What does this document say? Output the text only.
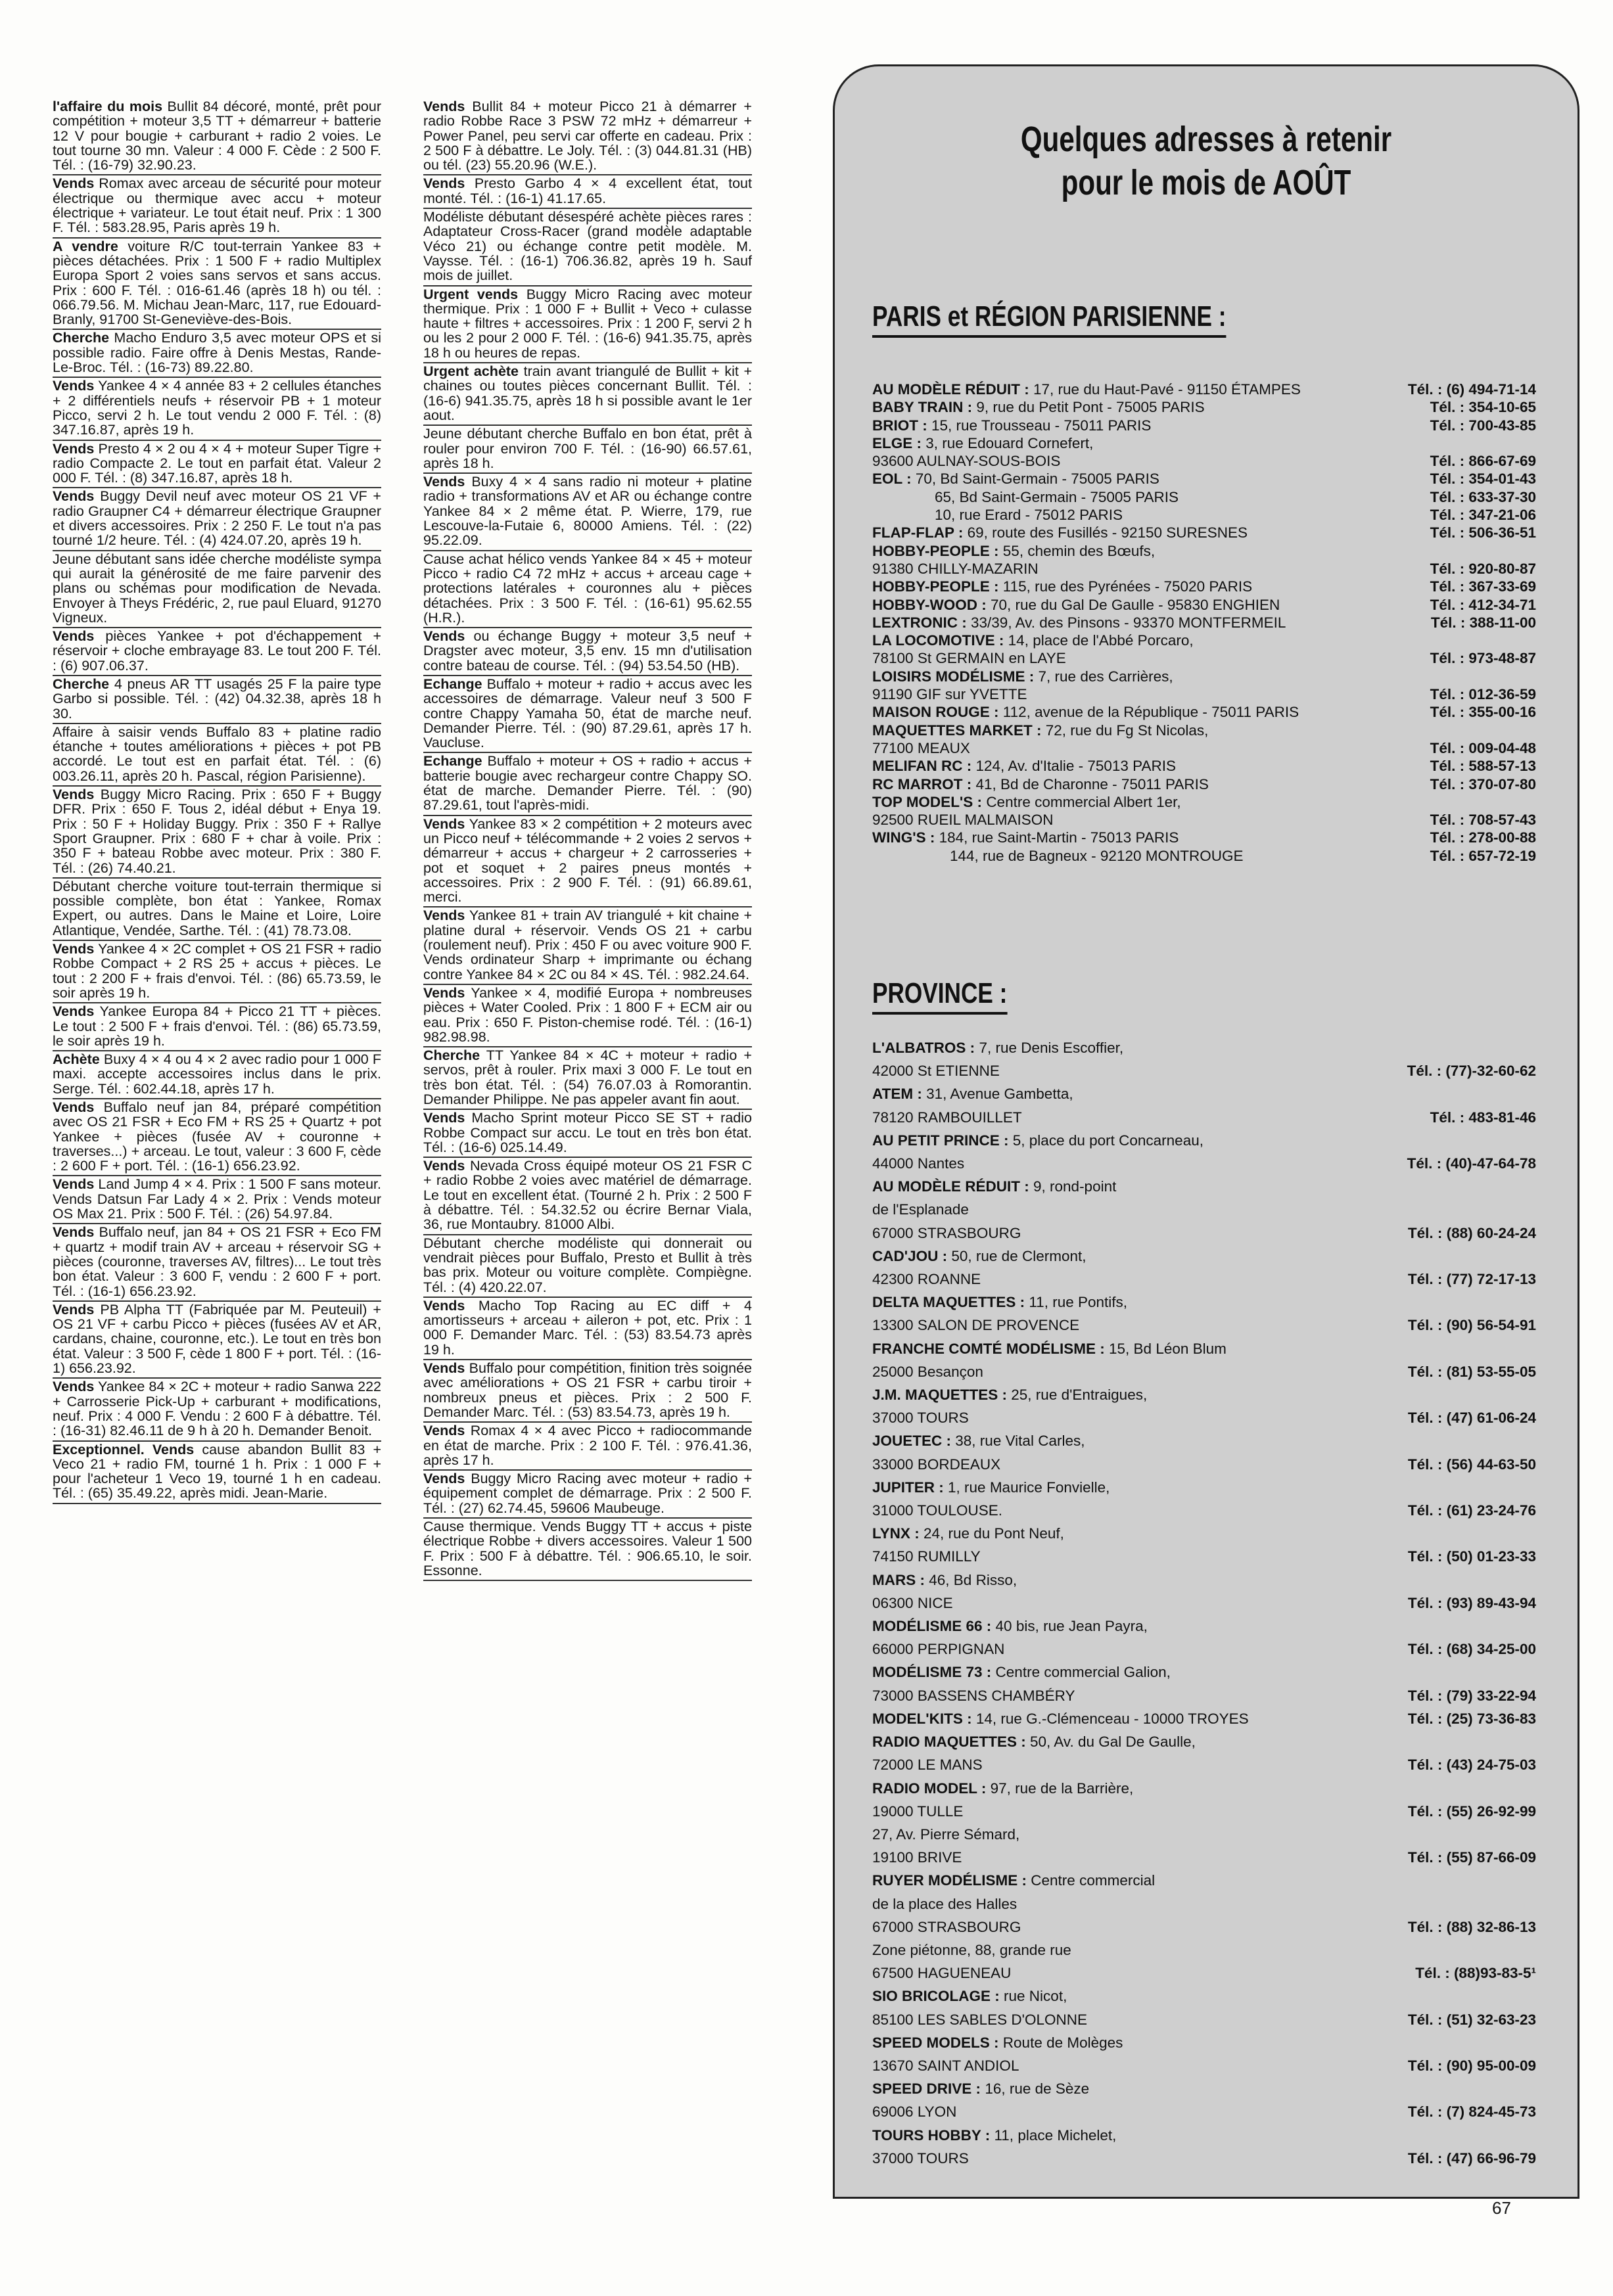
l'affaire du mois Bullit 84 décoré, monté, prêt pour compétition + moteur 3,5 TT + démarreur + batterie 12 V pour bougie + carburant + radio 2 voies. Le tout tourne 30 mn. Valeur : 4 000 F. Cède : 2 500 F. Tél. : (16-79) 32.90.23.
Vends Romax avec arceau de sécurité pour moteur électrique ou thermique avec accu + moteur électrique + variateur. Le tout était neuf. Prix : 1 300 F. Tél. : 583.28.95, Paris après 19 h.
A vendre voiture R/C tout-terrain Yankee 83 + pièces détachées. Prix : 1 500 F + radio Multiplex Europa Sport 2 voies sans servos et sans accus. Prix : 600 F. Tél. : 016-61.46 (après 18 h) ou tél. : 066.79.56. M. Michau Jean-Marc, 117, rue Edouard-Branly, 91700 St-Geneviève-des-Bois.
Cherche Macho Enduro 3,5 avec moteur OPS et si possible radio. Faire offre à Denis Mestas, Rande-Le-Broc. Tél. : (16-73) 89.22.80.
Vends Yankee 4 × 4 année 83 + 2 cellules étanches + 2 différentiels neufs + réservoir PB + 1 moteur Picco, servi 2 h. Le tout vendu 2 000 F. Tél. : (8) 347.16.87, après 19 h.
Vends Presto 4 × 2 ou 4 × 4 + moteur Super Tigre + radio Compacte 2. Le tout en parfait état. Valeur 2 000 F. Tél. : (8) 347.16.87, après 18 h.
Vends Buggy Devil neuf avec moteur OS 21 VF + radio Graupner C4 + démarreur électrique Graupner et divers accessoires. Prix : 2 250 F. Le tout n'a pas tourné 1/2 heure. Tél. : (4) 424.07.20, après 19 h.
Jeune débutant sans idée cherche modéliste sympa qui aurait la générosité de me faire parvenir des plans ou schémas pour modification de Nevada. Envoyer à Theys Frédéric, 2, rue paul Eluard, 91270 Vigneux.
Vends pièces Yankee + pot d'échappement + réservoir + cloche embrayage 83. Le tout 200 F. Tél. : (6) 907.06.37.
Cherche 4 pneus AR TT usagés 25 F la paire type Garbo si possible. Tél. : (42) 04.32.38, après 18 h 30.
Affaire à saisir vends Buffalo 83 + platine radio étanche + toutes améliorations + pièces + pot PB accordé. Le tout est en parfait état. Tél. : (6) 003.26.11, après 20 h. Pascal, région Parisienne).
Vends Buggy Micro Racing. Prix : 650 F + Buggy DFR. Prix : 650 F. Tous 2, idéal début + Enya 19. Prix : 50 F + Holiday Buggy. Prix : 350 F + Rallye Sport Graupner. Prix : 680 F + char à voile. Prix : 350 F + bateau Robbe avec moteur. Prix : 380 F. Tél. : (26) 74.40.21.
Débutant cherche voiture tout-terrain thermique si possible complète, bon état : Yankee, Romax Expert, ou autres. Dans le Maine et Loire, Loire Atlantique, Vendée, Sarthe. Tél. : (41) 78.73.08.
Vends Yankee 4 × 2C complet + OS 21 FSR + radio Robbe Compact + 2 RS 25 + accus + pièces. Le tout : 2 200 F + frais d'envoi. Tél. : (86) 65.73.59, le soir après 19 h.
Vends Yankee Europa 84 + Picco 21 TT + pièces. Le tout : 2 500 F + frais d'envoi. Tél. : (86) 65.73.59, le soir après 19 h.
Achète Buxy 4 × 4 ou 4 × 2 avec radio pour 1 000 F maxi. accepte accessoires inclus dans le prix. Serge. Tél. : 602.44.18, après 17 h.
Vends Buffalo neuf jan 84, préparé compétition avec OS 21 FSR + Eco FM + RS 25 + Quartz + pot Yankee + pièces (fusée AV + couronne + traverses...) + arceau. Le tout, valeur : 3 600 F, cède : 2 600 F + port. Tél. : (16-1) 656.23.92.
Vends Land Jump 4 × 4. Prix : 1 500 F sans moteur. Vends Datsun Far Lady 4 × 2. Prix : Vends moteur OS Max 21. Prix : 500 F. Tél. : (26) 54.97.84.
Vends Buffalo neuf, jan 84 + OS 21 FSR + Eco FM + quartz + modif train AV + arceau + réservoir SG + pièces (couronne, traverses AV, filtres)... Le tout très bon état. Valeur : 3 600 F, vendu : 2 600 F + port. Tél. : (16-1) 656.23.92.
Vends PB Alpha TT (Fabriquée par M. Peuteuil) + OS 21 VF + carbu Picco + pièces (fusées AV et AR, cardans, chaine, couronne, etc.). Le tout en très bon état. Valeur : 3 500 F, cède 1 800 F + port. Tél. : (16-1) 656.23.92.
Vends Yankee 84 × 2C + moteur + radio Sanwa 222 + Carrosserie Pick-Up + carburant + modifications, neuf. Prix : 4 000 F. Vendu : 2 600 F à débattre. Tél. : (16-31) 82.46.11 de 9 h à 20 h. Demander Benoit.
Exceptionnel. Vends cause abandon Bullit 83 + Veco 21 + radio FM, tourné 1 h. Prix : 1 000 F + pour l'acheteur 1 Veco 19, tourné 1 h en cadeau. Tél. : (65) 35.49.22, après midi. Jean-Marie.
Vends Bullit 84 + moteur Picco 21 à démarrer + radio Robbe Race 3 PSW 72 mHz + démarreur + Power Panel, peu servi car offerte en cadeau. Prix : 2 500 F à débattre. Le Joly. Tél. : (3) 044.81.31 (HB) ou tél. (23) 55.20.96 (W.E.).
Vends Presto Garbo 4 × 4 excellent état, tout monté. Tél. : (16-1) 41.17.65.
Modéliste débutant désespéré achète pièces rares : Adaptateur Cross-Racer (grand modèle adaptable Véco 21) ou échange contre petit modèle. M. Vaysse. Tél. : (16-1) 706.36.82, après 19 h. Sauf mois de juillet.
Urgent vends Buggy Micro Racing avec moteur thermique. Prix : 1 000 F + Bullit + Veco + culasse haute + filtres + accessoires. Prix : 1 200 F, servi 2 h ou les 2 pour 2 000 F. Tél. : (16-6) 941.35.75, après 18 h ou heures de repas.
Urgent achète train avant triangulé de Bullit + kit + chaines ou toutes pièces concernant Bullit. Tél. : (16-6) 941.35.75, après 18 h si possible avant le 1er aout.
Jeune débutant cherche Buffalo en bon état, prêt à rouler pour environ 700 F. Tél. : (16-90) 66.57.61, après 18 h.
Vends Buxy 4 × 4 sans radio ni moteur + platine radio + transformations AV et AR ou échange contre Yankee 84 × 2 même état. P. Wierre, 179, rue Lescouve-la-Futaie 6, 80000 Amiens. Tél. : (22) 95.22.09.
Cause achat hélico vends Yankee 84 × 45 + moteur Picco + radio C4 72 mHz + accus + arceau cage + protections latérales + couronnes alu + pièces détachées. Prix : 3 500 F. Tél. : (16-61) 95.62.55 (H.R.).
Vends ou échange Buggy + moteur 3,5 neuf + Dragster avec moteur, 3,5 env. 15 mn d'utilisation contre bateau de course. Tél. : (94) 53.54.50 (HB).
Echange Buffalo + moteur + radio + accus avec les accessoires de démarrage. Valeur neuf 3 500 F contre Chappy Yamaha 50, état de marche neuf. Demander Pierre. Tél. : (90) 87.29.61, après 17 h. Vaucluse.
Echange Buffalo + moteur + OS + radio + accus + batterie bougie avec rechargeur contre Chappy SO. état de marche. Demander Pierre. Tél. : (90) 87.29.61, tout l'après-midi.
Vends Yankee 83 × 2 compétition + 2 moteurs avec un Picco neuf + télécommande + 2 voies 2 servos + démarreur + accus + chargeur + 2 carrosseries + pot et soquet + 2 paires pneus montés + accessoires. Prix : 2 900 F. Tél. : (91) 66.89.61, merci.
Vends Yankee 81 + train AV triangulé + kit chaine + platine dural + réservoir. Vends OS 21 + carbu (roulement neuf). Prix : 450 F ou avec voiture 900 F. Vends ordinateur Sharp + imprimante ou échang contre Yankee 84 × 2C ou 84 × 4S. Tél. : 982.24.64.
Vends Yankee × 4, modifié Europa + nombreuses pièces + Water Cooled. Prix : 1 800 F + ECM air ou eau. Prix : 650 F. Piston-chemise rodé. Tél. : (16-1) 982.98.98.
Cherche TT Yankee 84 × 4C + moteur + radio + servos, prêt à rouler. Prix maxi 3 000 F. Le tout en très bon état. Tél. : (54) 76.07.03 à Romorantin. Demander Philippe. Ne pas appeler avant fin aout.
Vends Macho Sprint moteur Picco SE ST + radio Robbe Compact sur accu. Le tout en très bon état. Tél. : (16-6) 025.14.49.
Vends Nevada Cross équipé moteur OS 21 FSR C + radio Robbe 2 voies avec matériel de démarrage. Le tout en excellent état. (Tourné 2 h. Prix : 2 500 F à débattre. Tél. : 54.32.52 ou écrire Bernar Viala, 36, rue Montaubry. 81000 Albi.
Débutant cherche modéliste qui donnerait ou vendrait pièces pour Buffalo, Presto et Bullit à très bas prix. Moteur ou voiture complète. Compiègne. Tél. : (4) 420.22.07.
Vends Macho Top Racing au EC diff + 4 amortisseurs + arceau + aileron + pot, etc. Prix : 1 000 F. Demander Marc. Tél. : (53) 83.54.73 après 19 h.
Vends Buffalo pour compétition, finition très soignée avec améliorations + OS 21 FSR + carbu tiroir + nombreux pneus et pièces. Prix : 2 500 F. Demander Marc. Tél. : (53) 83.54.73, après 19 h.
Vends Romax 4 × 4 avec Picco + radiocommande en état de marche. Prix : 2 100 F. Tél. : 976.41.36, après 17 h.
Vends Buggy Micro Racing avec moteur + radio + équipement complet de démarrage. Prix : 2 500 F. Tél. : (27) 62.74.45, 59606 Maubeuge.
Cause thermique. Vends Buggy TT + accus + piste électrique Robbe + divers accessoires. Valeur 1 500 F. Prix : 500 F à débattre. Tél. : 906.65.10, le soir. Essonne.
Quelques adresses à retenir
pour le mois de AOÛT
PARIS et RÉGION PARISIENNE :
AU MODÈLE RÉDUIT : 17, rue du Haut-Pavé - 91150 ÉTAMPES	Tél. : (6) 494-71-14
BABY TRAIN : 9, rue du Petit Pont - 75005 PARIS	Tél. : 354-10-65
BRIOT : 15, rue Trousseau - 75011 PARIS	Tél. : 700-43-85
ELGE : 3, rue Edouard Cornefert,
93600 AULNAY-SOUS-BOIS	Tél. : 866-67-69
EOL : 70, Bd Saint-Germain - 75005 PARIS	Tél. : 354-01-43
65, Bd Saint-Germain - 75005 PARIS	Tél. : 633-37-30
10, rue Erard - 75012 PARIS	Tél. : 347-21-06
FLAP-FLAP : 69, route des Fusillés - 92150 SURESNES	Tél. : 506-36-51
HOBBY-PEOPLE : 55, chemin des Bœufs,
91380 CHILLY-MAZARIN	Tél. : 920-80-87
HOBBY-PEOPLE : 115, rue des Pyrénées - 75020 PARIS	Tél. : 367-33-69
HOBBY-WOOD : 70, rue du Gal De Gaulle - 95830 ENGHIEN	Tél. : 412-34-71
LEXTRONIC : 33/39, Av. des Pinsons - 93370 MONTFERMEIL	Tél. : 388-11-00
LA LOCOMOTIVE : 14, place de l'Abbé Porcaro,
78100 St GERMAIN en LAYE	Tél. : 973-48-87
LOISIRS MODÉLISME : 7, rue des Carrières,
91190 GIF sur YVETTE	Tél. : 012-36-59
MAISON ROUGE : 112, avenue de la République - 75011 PARIS	Tél. : 355-00-16
MAQUETTES MARKET : 72, rue du Fg St Nicolas,
77100 MEAUX	Tél. : 009-04-48
MELIFAN RC : 124, Av. d'Italie - 75013 PARIS	Tél. : 588-57-13
RC MARROT : 41, Bd de Charonne - 75011 PARIS	Tél. : 370-07-80
TOP MODEL'S : Centre commercial Albert 1er,
92500 RUEIL MALMAISON	Tél. : 708-57-43
WING'S : 184, rue Saint-Martin - 75013 PARIS	Tél. : 278-00-88
144, rue de Bagneux - 92120 MONTROUGE	Tél. : 657-72-19
PROVINCE :
L'ALBATROS : 7, rue Denis Escoffier,
42000 St ETIENNE	Tél. : (77)-32-60-62
ATEM : 31, Avenue Gambetta,
78120 RAMBOUILLET	Tél. : 483-81-46
AU PETIT PRINCE : 5, place du port Concarneau,
44000 Nantes	Tél. : (40)-47-64-78
AU MODÈLE RÉDUIT : 9, rond-point
de l'Esplanade
67000 STRASBOURG	Tél. : (88) 60-24-24
CAD'JOU : 50, rue de Clermont,
42300 ROANNE	Tél. : (77) 72-17-13
DELTA MAQUETTES : 11, rue Pontifs,
13300 SALON DE PROVENCE	Tél. : (90) 56-54-91
FRANCHE COMTÉ MODÉLISME : 15, Bd Léon Blum
25000 Besançon	Tél. : (81) 53-55-05
J.M. MAQUETTES : 25, rue d'Entraigues,
37000 TOURS	Tél. : (47) 61-06-24
JOUETEC : 38, rue Vital Carles,
33000 BORDEAUX	Tél. : (56) 44-63-50
JUPITER : 1, rue Maurice Fonvielle,
31000 TOULOUSE.	Tél. : (61) 23-24-76
LYNX : 24, rue du Pont Neuf,
74150 RUMILLY	Tél. : (50) 01-23-33
MARS : 46, Bd Risso,
06300 NICE	Tél. : (93) 89-43-94
MODÉLISME 66 : 40 bis, rue Jean Payra,
66000 PERPIGNAN	Tél. : (68) 34-25-00
MODÉLISME 73 : Centre commercial Galion,
73000 BASSENS CHAMBÉRY	Tél. : (79) 33-22-94
MODEL'KITS : 14, rue G.-Clémenceau - 10000 TROYES	Tél. : (25) 73-36-83
RADIO MAQUETTES : 50, Av. du Gal De Gaulle,
72000 LE MANS	Tél. : (43) 24-75-03
RADIO MODEL : 97, rue de la Barrière,
19000 TULLE	Tél. : (55) 26-92-99
27, Av. Pierre Sémard,
19100 BRIVE	Tél. : (55) 87-66-09
RUYER MODÉLISME : Centre commercial
de la place des Halles
67000 STRASBOURG	Tél. : (88) 32-86-13
Zone piétonne, 88, grande rue
67500 HAGUENEAU	Tél. : (88)93-83-5¹
SIO BRICOLAGE : rue Nicot,
85100 LES SABLES D'OLONNE	Tél. : (51) 32-63-23
SPEED MODELS : Route de Molèges
13670 SAINT ANDIOL	Tél. : (90) 95-00-09
SPEED DRIVE : 16, rue de Sèze
69006 LYON	Tél. : (7) 824-45-73
TOURS HOBBY : 11, place Michelet,
37000 TOURS	Tél. : (47) 66-96-79
67
